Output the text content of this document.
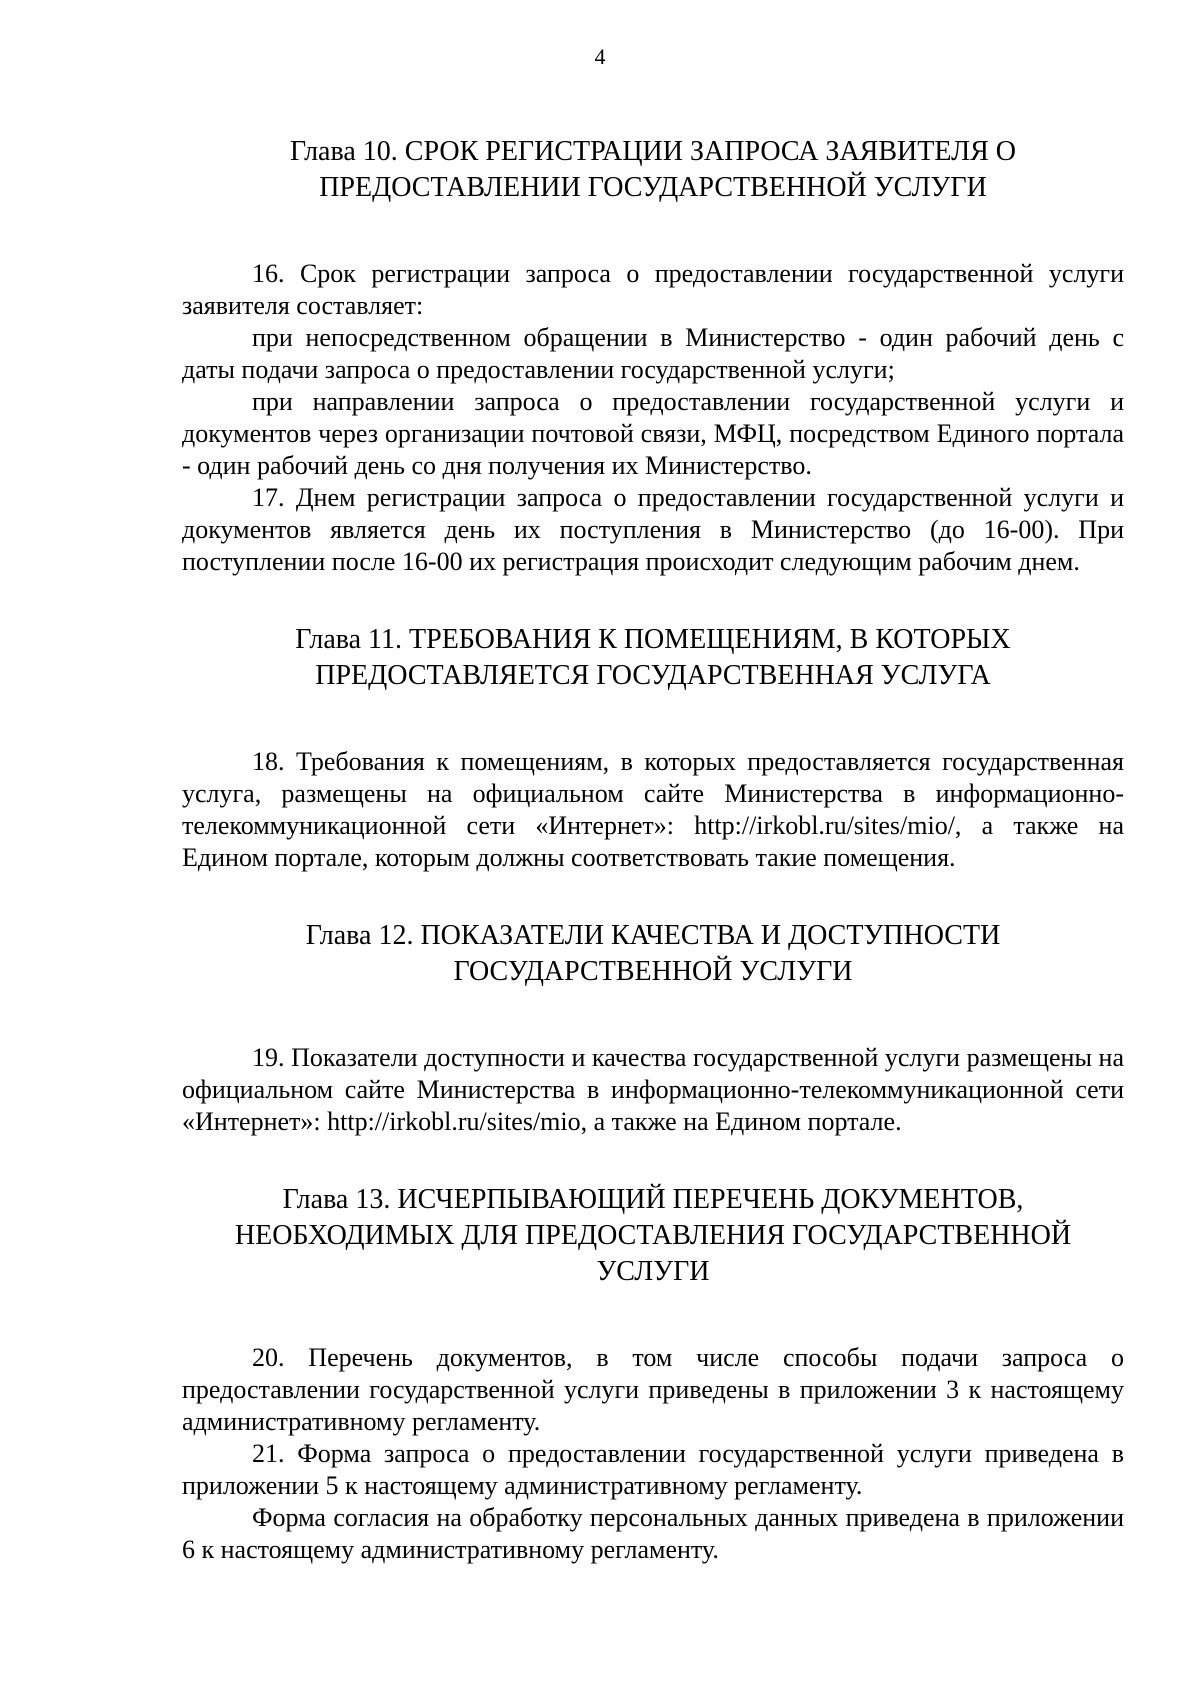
4
Глава 10. СРОК РЕГИСТРАЦИИ ЗАПРОСА ЗАЯВИТЕЛЯ О
ПРЕДОСТАВЛЕНИИ ГОСУДАРСТВЕННОЙ УСЛУГИ

16. Срок регистрации запроса о предоставлении государственной услуги заявителя составляет:

при непосредственном обращении в Министерство - один рабочий день с даты подачи запроса о предоставлении государственной услуги;

при направлении запроса о предоставлении государственной услуги и документов через организации почтовой связи, МФЦ, посредством Единого портала - один рабочий день со дня получения их Министерство.

17. Днем регистрации запроса о предоставлении государственной услуги и документов является день их поступления в Министерство (до 16-00). При поступлении после 16-00 их регистрация происходит следующим рабочим днем.

Глава 11. ТРЕБОВАНИЯ К ПОМЕЩЕНИЯМ, В КОТОРЫХ
ПРЕДОСТАВЛЯЕТСЯ ГОСУДАРСТВЕННАЯ УСЛУГА

18. Требования к помещениям, в которых предоставляется государственная услуга, размещены на официальном сайте Министерства в информационно-телекоммуникационной сети «Интернет»: http://irkobl.ru/sites/mio/, а также на Едином портале, которым должны соответствовать такие помещения.

Глава 12. ПОКАЗАТЕЛИ КАЧЕСТВА И ДОСТУПНОСТИ
ГОСУДАРСТВЕННОЙ УСЛУГИ

19. Показатели доступности и качества государственной услуги размещены на официальном сайте Министерства в информационно-телекоммуникационной сети «Интернет»: http://irkobl.ru/sites/mio, а также на Едином портале.

Глава 13. ИСЧЕРПЫВАЮЩИЙ ПЕРЕЧЕНЬ ДОКУМЕНТОВ,
НЕОБХОДИМЫХ ДЛЯ ПРЕДОСТАВЛЕНИЯ ГОСУДАРСТВЕННОЙ
УСЛУГИ

20. Перечень документов, в том числе способы подачи запроса о предоставлении государственной услуги приведены в приложении 3 к настоящему административному регламенту.

21. Форма запроса о предоставлении государственной услуги приведена в приложении 5 к настоящему административному регламенту.

Форма согласия на обработку персональных данных приведена в приложении 6 к настоящему административному регламенту.
